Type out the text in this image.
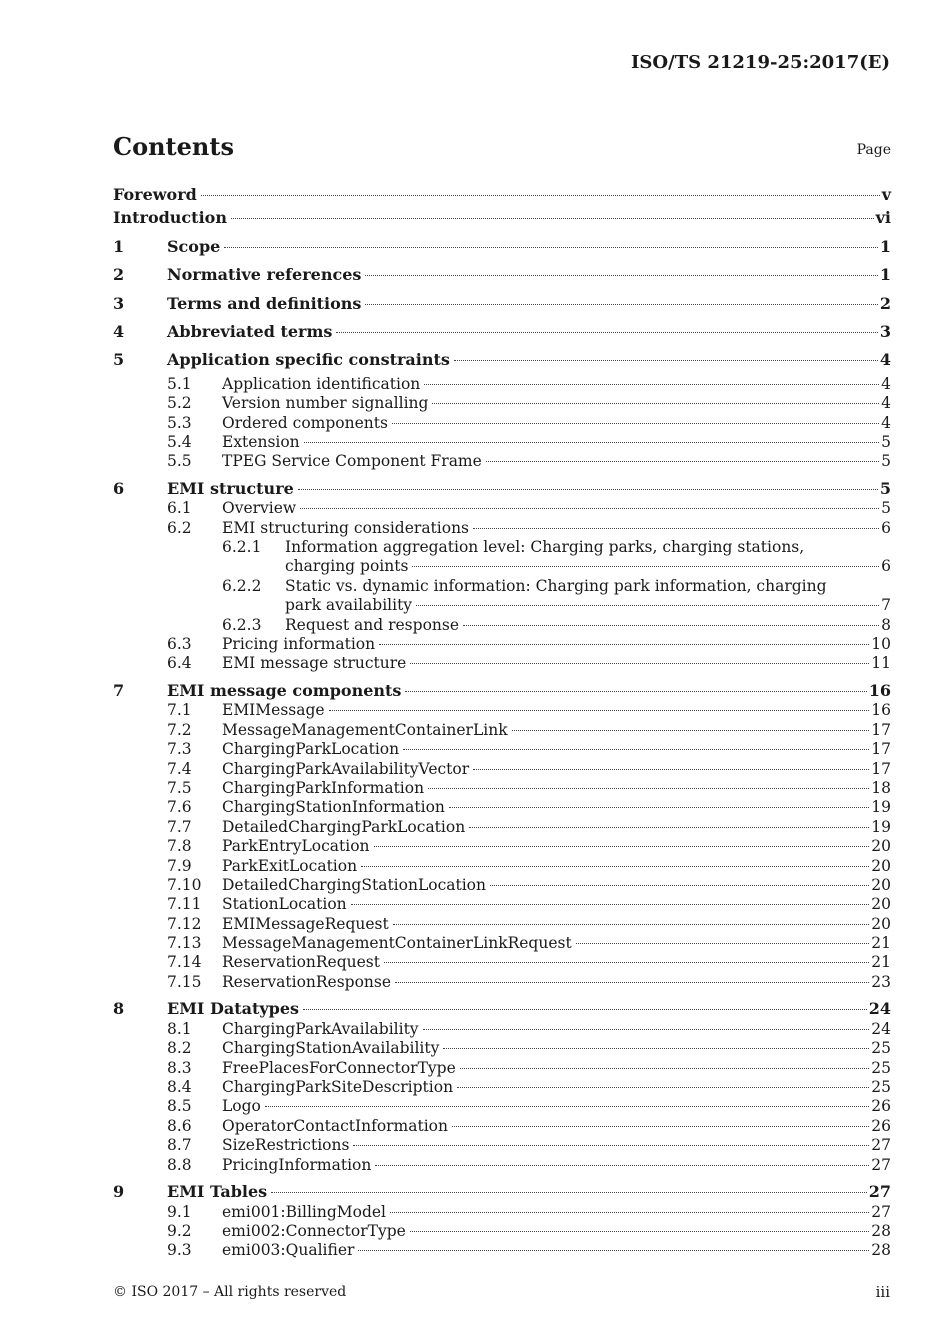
ISO/TS 21219-25:2017(E)
Contents	Page
Foreword	v
Introduction	vi
1	Scope	1
2	Normative references	1
3	Terms and definitions	2
4	Abbreviated terms	3
5	Application specific constraints	4
5.1 Application identification	4
5.2 Version number signalling	4
5.3 Ordered components	4
5.4 Extension	5
5.5 TPEG Service Component Frame	5
6	EMI structure	5
6.1 Overview	5
6.2 EMI structuring considerations	6
6.2.1 Information aggregation level: Charging parks, charging stations,
charging points	6
6.2.2 Static vs. dynamic information: Charging park information, charging
park availability	7
6.2.3 Request and response	8
6.3 Pricing information	10
6.4 EMI message structure	11
7	EMI message components	16
7.1 EMIMessage	16
7.2 MessageManagementContainerLink	17
7.3 ChargingParkLocation	17
7.4 ChargingParkAvailabilityVector	17
7.5 ChargingParkInformation	18
7.6 ChargingStationInformation	19
7.7 DetailedChargingParkLocation	19
7.8 ParkEntryLocation	20
7.9 ParkExitLocation	20
7.10 DetailedChargingStationLocation	20
7.11 StationLocation	20
7.12 EMIMessageRequest	20
7.13 MessageManagementContainerLinkRequest	21
7.14 ReservationRequest	21
7.15 ReservationResponse	23
8	EMI Datatypes	24
8.1 ChargingParkAvailability	24
8.2 ChargingStationAvailability	25
8.3 FreePlacesForConnectorType	25
8.4 ChargingParkSiteDescription	25
8.5 Logo	26
8.6 OperatorContactInformation	26
8.7 SizeRestrictions	27
8.8 PricingInformation	27
9	EMI Tables	27
9.1 emi001:BillingModel	27
9.2 emi002:ConnectorType	28
9.3 emi003:Qualifier	28
© ISO 2017 – All rights reserved	iii
